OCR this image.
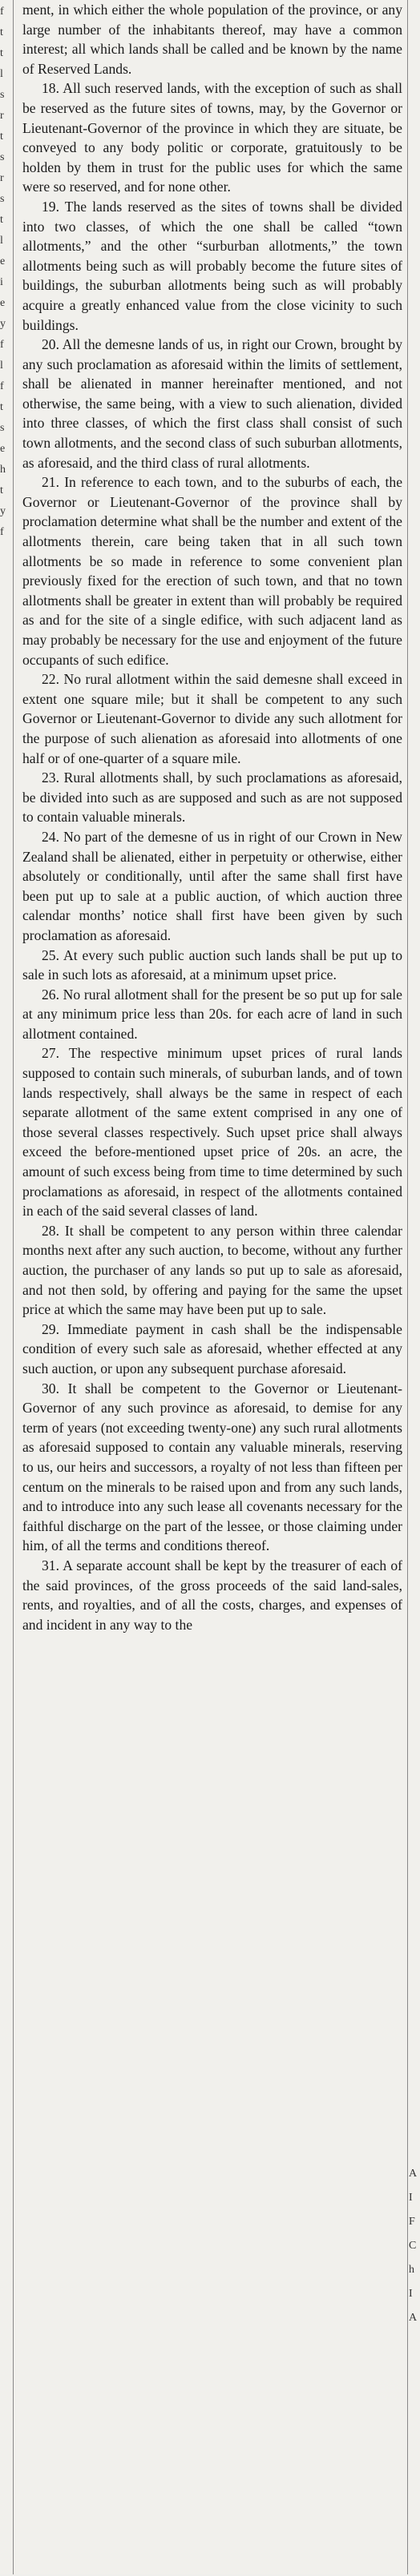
f
t
t
l
s
r
t
s
r
s
t
l
e
i
e
y
f
l
f
t
s
e
h
t
y
f
A
I
F
C
h
I
A

ment, in which either the whole population of the province, or any large number of the inhabitants thereof, may have a common interest; all which lands shall be called and be known by the name of Reserved Lands.

18. All such reserved lands, with the exception of such as shall be reserved as the future sites of towns, may, by the Governor or Lieutenant-Governor of the province in which they are situate, be conveyed to any body politic or corporate, gratuitously to be holden by them in trust for the public uses for which the same were so reserved, and for none other.

19. The lands reserved as the sites of towns shall be divided into two classes, of which the one shall be called “town allotments,” and the other “surburban allotments,” the town allotments being such as will probably become the future sites of buildings, the suburban allotments being such as will probably acquire a greatly enhanced value from the close vicinity to such buildings.

20. All the demesne lands of us, in right our Crown, brought by any such proclamation as aforesaid within the limits of settlement, shall be alienated in manner hereinafter mentioned, and not otherwise, the same being, with a view to such alienation, divided into three classes, of which the first class shall consist of such town allotments, and the second class of such suburban allotments, as aforesaid, and the third class of rural allotments.

21. In reference to each town, and to the suburbs of each, the Governor or Lieutenant-Governor of the province shall by proclamation determine what shall be the number and extent of the allotments therein, care being taken that in all such town allotments be so made in reference to some convenient plan previously fixed for the erection of such town, and that no town allotments shall be greater in extent than will probably be required as and for the site of a single edifice, with such adjacent land as may probably be necessary for the use and enjoyment of the future occupants of such edifice.

22. No rural allotment within the said demesne shall exceed in extent one square mile; but it shall be competent to any such Governor or Lieutenant-Governor to divide any such allotment for the purpose of such alienation as aforesaid into allotments of one half or of one-quarter of a square mile.

23. Rural allotments shall, by such proclamations as aforesaid, be divided into such as are supposed and such as are not supposed to contain valuable minerals.

24. No part of the demesne of us in right of our Crown in New Zealand shall be alienated, either in perpetuity or otherwise, either absolutely or conditionally, until after the same shall first have been put up to sale at a public auction, of which auction three calendar months’ notice shall first have been given by such proclamation as aforesaid.

25. At every such public auction such lands shall be put up to sale in such lots as aforesaid, at a minimum upset price.

26. No rural allotment shall for the present be so put up for sale at any minimum price less than 20s. for each acre of land in such allotment contained.

27. The respective minimum upset prices of rural lands supposed to contain such minerals, of suburban lands, and of town lands respectively, shall always be the same in respect of each separate allotment of the same extent comprised in any one of those several classes respectively. Such upset price shall always exceed the before-mentioned upset price of 20s. an acre, the amount of such excess being from time to time determined by such proclamations as aforesaid, in respect of the allotments contained in each of the said several classes of land.

28. It shall be competent to any person within three calendar months next after any such auction, to become, without any further auction, the purchaser of any lands so put up to sale as aforesaid, and not then sold, by offering and paying for the same the upset price at which the same may have been put up to sale.

29. Immediate payment in cash shall be the indispensable condition of every such sale as aforesaid, whether effected at any such auction, or upon any subsequent purchase aforesaid.

30. It shall be competent to the Governor or Lieutenant-Governor of any such province as aforesaid, to demise for any term of years (not exceeding twenty-one) any such rural allotments as aforesaid supposed to contain any valuable minerals, reserving to us, our heirs and successors, a royalty of not less than fifteen per centum on the minerals to be raised upon and from any such lands, and to introduce into any such lease all covenants necessary for the faithful discharge on the part of the lessee, or those claiming under him, of all the terms and conditions thereof.

31. A separate account shall be kept by the treasurer of each of the said provinces, of the gross proceeds of the said land-sales, rents, and royalties, and of all the costs, charges, and expenses of and incident in any way to the
